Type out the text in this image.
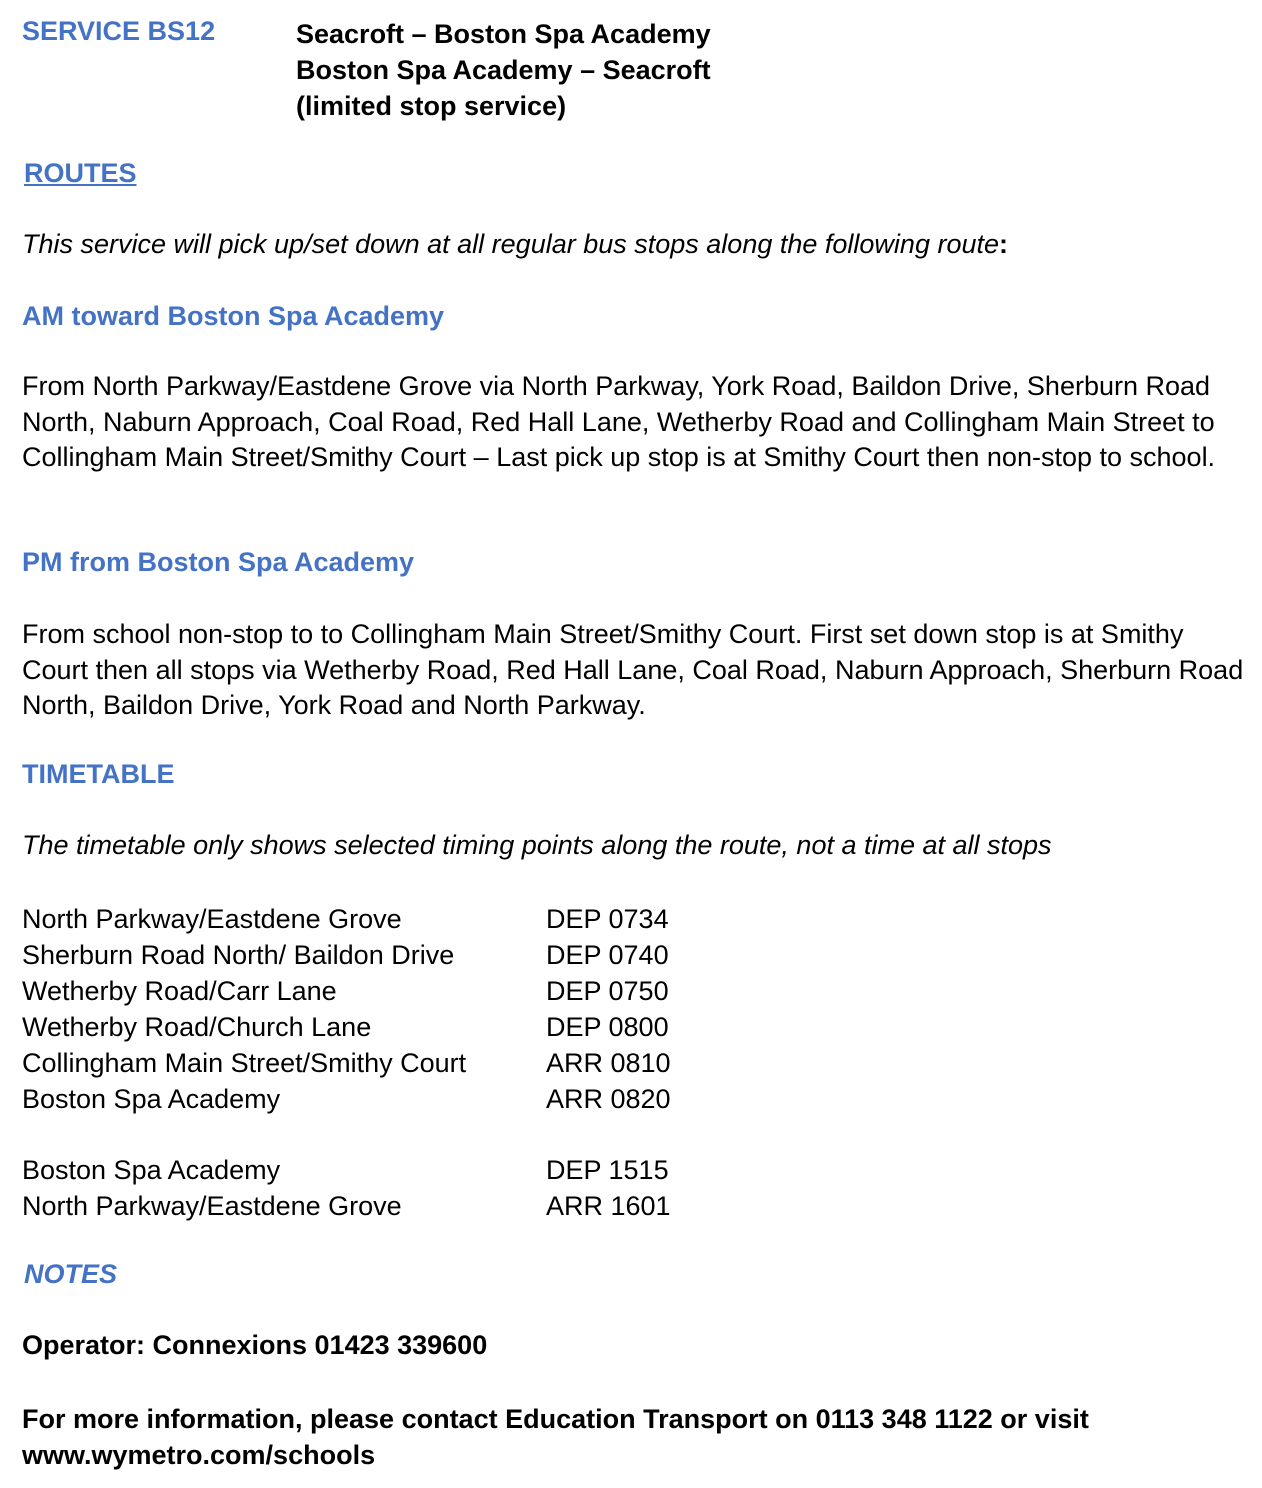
SERVICE BS12	Seacroft – Boston Spa Academy
Boston Spa Academy – Seacroft
(limited stop service)
ROUTES
This service will pick up/set down at all regular bus stops along the following route:
AM toward Boston Spa Academy
From North Parkway/Eastdene Grove via North Parkway, York Road, Baildon Drive, Sherburn Road North, Naburn Approach, Coal Road, Red Hall Lane, Wetherby Road and Collingham Main Street to Collingham Main Street/Smithy Court – Last pick up stop is at Smithy Court then non-stop to school.
PM from Boston Spa Academy
From school non-stop to to Collingham Main Street/Smithy Court. First set down stop is at Smithy Court then all stops via Wetherby Road, Red Hall Lane, Coal Road, Naburn Approach, Sherburn Road North, Baildon Drive, York Road and North Parkway.
TIMETABLE
The timetable only shows selected timing points along the route, not a time at all stops
North Parkway/Eastdene Grove	DEP 0734
Sherburn Road North/ Baildon Drive	DEP 0740
Wetherby Road/Carr Lane	DEP 0750
Wetherby Road/Church Lane	DEP 0800
Collingham Main Street/Smithy Court	ARR 0810
Boston Spa Academy	ARR 0820
Boston Spa Academy	DEP 1515
North Parkway/Eastdene Grove	ARR 1601
NOTES
Operator: Connexions 01423 339600
For more information, please contact Education Transport on 0113 348 1122 or visit www.wymetro.com/schools
